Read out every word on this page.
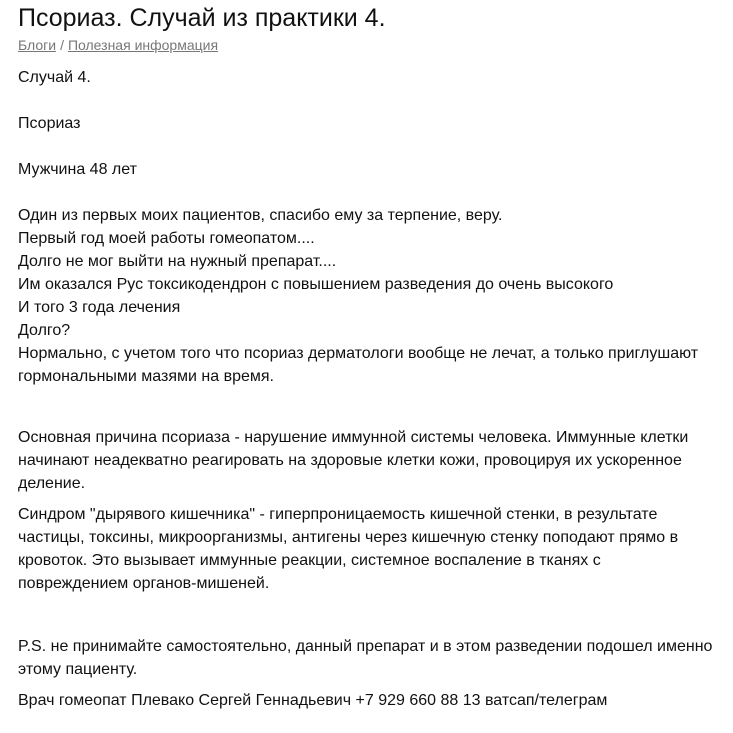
Псориаз. Случай из практики 4.
Блоги / Полезная информация

Случай 4.

Псориаз

Мужчина 48 лет

Один из первых моих пациентов, спасибо ему за терпение, веру.

Первый год моей работы гомеопатом....

Долго не мог выйти на нужный препарат....

Им оказался Рус токсикодендрон с повышением разведения до очень высокого

И того 3 года лечения

Долго?

Нормально, с учетом того что псориаз дерматологи вообще не лечат, а только приглушают гормональными мазями на время.

Основная причина псориаза - нарушение иммунной системы человека. Иммунные клетки начинают неадекватно реагировать на здоровые клетки кожи, провоцируя их ускоренное деление.

Синдром "дырявого кишечника" - гиперпроницаемость кишечной стенки, в результате частицы, токсины, микроорганизмы, антигены через кишечную стенку поподают прямо в кровоток. Это вызывает иммунные реакции, системное воспаление в тканях с повреждением органов-мишеней.

P.S. не принимайте самостоятельно, данный препарат и в этом разведении подошел именно этому пациенту.

Врач гомеопат Плевако Сергей Геннадьевич +7 929 660 88 13 ватсап/телеграм
